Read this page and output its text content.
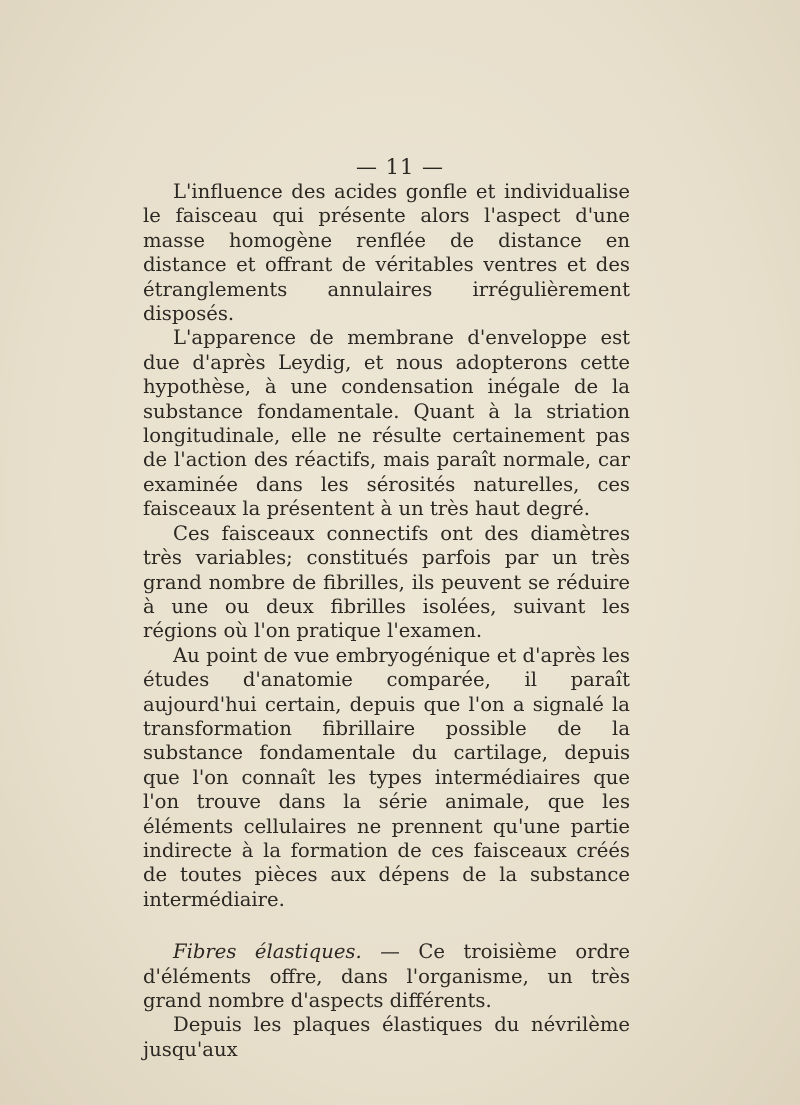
— 11 —

L'influence des acides gonfle et individualise le faisceau qui présente alors l'aspect d'une masse homogène renflée de distance en distance et offrant de véritables ventres et des étranglements annulaires irrégulièrement disposés.

L'apparence de membrane d'enveloppe est due d'après Leydig, et nous adopterons cette hypothèse, à une condensation inégale de la substance fondamentale. Quant à la striation longitudinale, elle ne résulte certainement pas de l'action des réactifs, mais paraît normale, car examinée dans les sérosités naturelles, ces faisceaux la présentent à un très haut degré.

Ces faisceaux connectifs ont des diamètres très variables; constitués parfois par un très grand nombre de fibrilles, ils peuvent se réduire à une ou deux fibrilles isolées, suivant les régions où l'on pratique l'examen.

Au point de vue embryogénique et d'après les études d'anatomie comparée, il paraît aujourd'hui certain, depuis que l'on a signalé la transformation fibrillaire possible de la substance fondamentale du cartilage, depuis que l'on connaît les types intermédiaires que l'on trouve dans la série animale, que les éléments cellulaires ne prennent qu'une partie indirecte à la formation de ces faisceaux créés de toutes pièces aux dépens de la substance intermédiaire.

Fibres élastiques. — Ce troisième ordre d'éléments offre, dans l'organisme, un très grand nombre d'aspects différents.

Depuis les plaques élastiques du névrilème jusqu'aux
